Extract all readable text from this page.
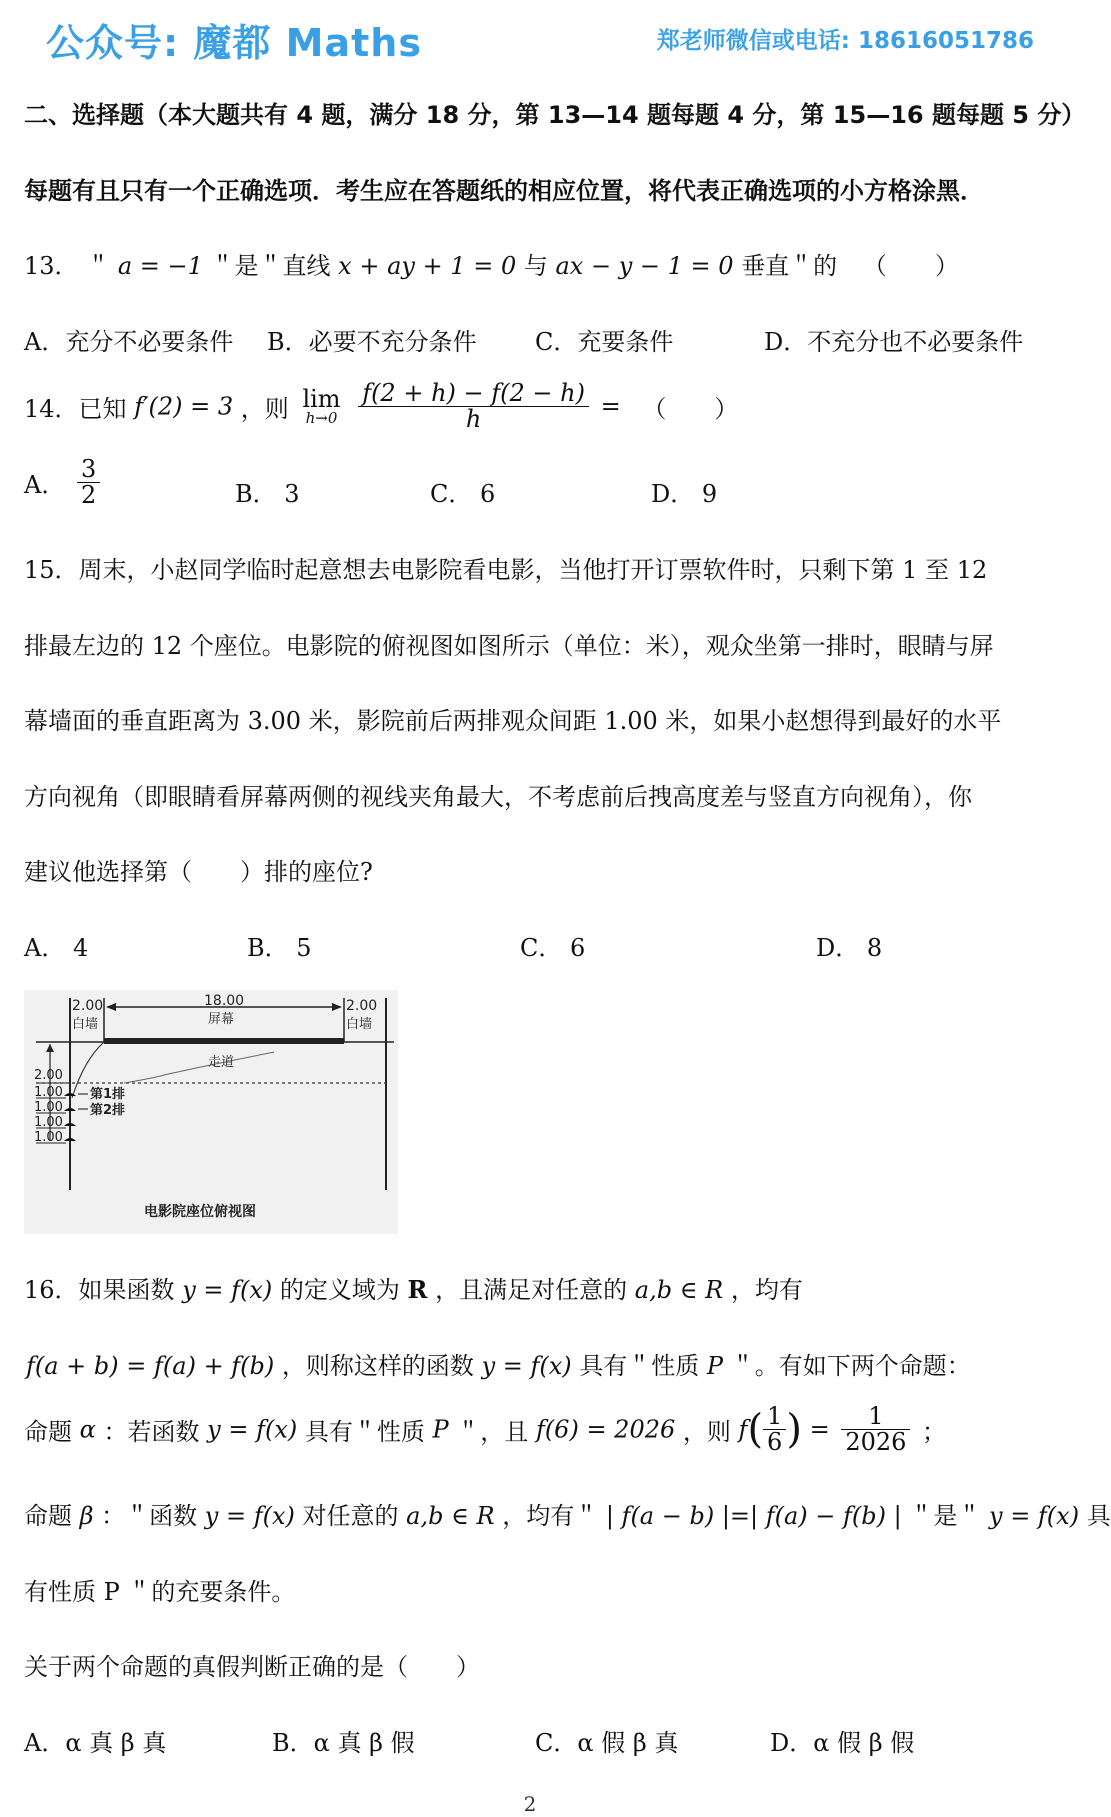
公众号: 魔都 Maths	郑老师微信或电话: 18616051786
二、选择题（本大题共有 4 题，满分 18 分，第 13—14 题每题 4 分，第 15—16 题每题 5 分）
每题有且只有一个正确选项．考生应在答题纸的相应位置，将代表正确选项的小方格涂黑．
13． ＂ a = −1 ＂是＂直线 x + ay + 1 = 0 与 ax − y − 1 = 0 垂直＂的 （　　）
A．充分不必要条件 B．必要不充分条件 C．充要条件	D．不充分也不必要条件
14．已知 f′(2) = 3 ，则 lim
h→0
$\frac{f(2 + h) - f(2 - h)}{h}$ = （　　）
A． $\frac{3}{2}$	B． 3	C． 6	D． 9
15．周末，小赵同学临时起意想去电影院看电影，当他打开订票软件时，只剩下第 1 至 12
排最左边的 12 个座位。电影院的俯视图如图所示（单位：米），观众坐第一排时，眼睛与屏
幕墙面的垂直距离为 3.00 米，影院前后两排观众间距 1.00 米，如果小赵想得到最好的水平
方向视角（即眼睛看屏幕两侧的视线夹角最大，不考虑前后拽高度差与竖直方向视角），你
建议他选择第（　　）排的座位?
A． 4	B． 5	C． 6	D． 8
2.00
白墙
18.00
屏幕
2.00
白墙
走道
2.00
1.00
1.00
1.00
1.00
第1排
第2排
电影院座位俯视图
16．如果函数 y = f(x) 的定义域为 R ，且满足对任意的 a,b ∈ R ，均有
f(a + b) = f(a) + f(b) ，则称这样的函数 y = f(x) 具有＂性质 P ＂。有如下两个命题：
命题 α ：若函数 y = f(x) 具有＂性质 P ＂，且 f(6) = 2026 ，则 $f( \frac{1}{6}$ ) = $\frac{1}{2026}$ ；
命题 β ：＂函数 y = f(x) 对任意的 a,b ∈ R ，均有＂ | f(a − b) |=| f(a) − f(b) | ＂是＂ y = f(x) 具
有性质 P ＂的充要条件。
关于两个命题的真假判断正确的是（　　）
A．α 真 β 真	B．α 真 β 假	C．α 假 β 真	D．α 假 β 假
2
